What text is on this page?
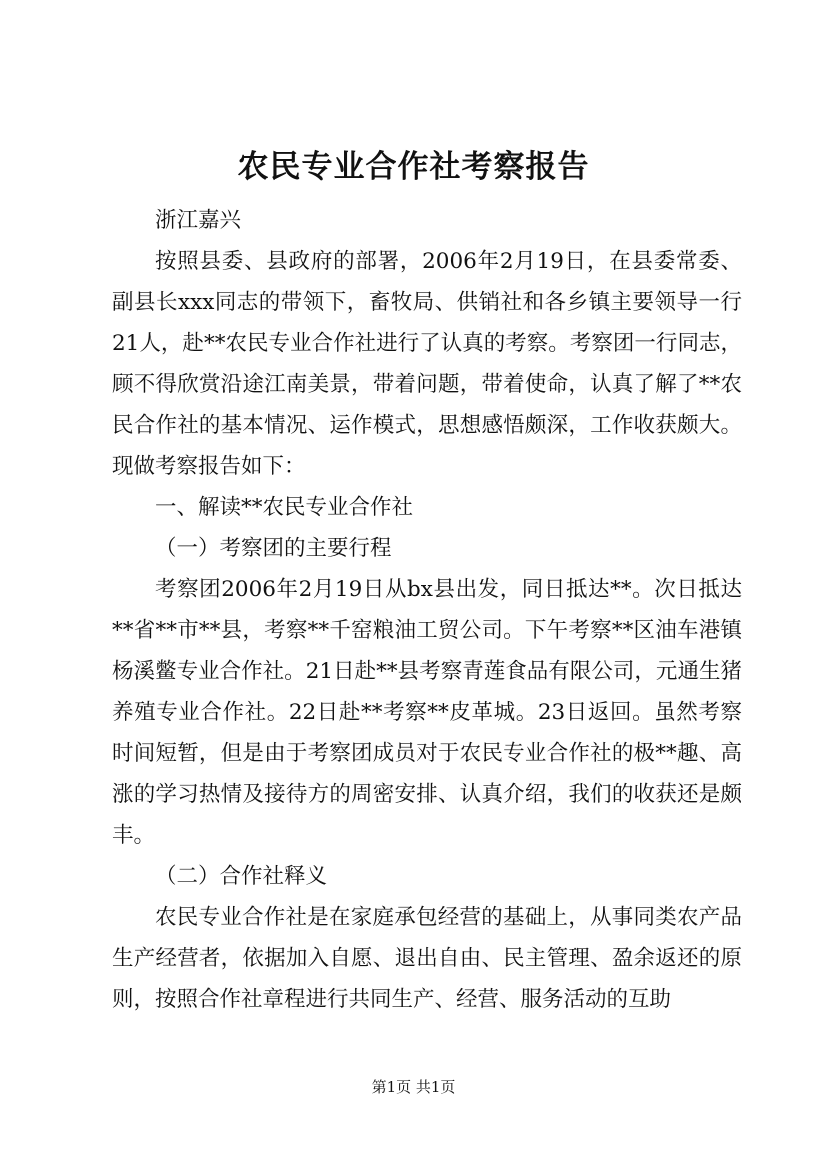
农民专业合作社考察报告

浙江嘉兴

按照县委、县政府的部署，2006年2月19日，在县委常委、副县长xxx同志的带领下，畜牧局、供销社和各乡镇主要领导一行21人，赴**农民专业合作社进行了认真的考察。考察团一行同志，顾不得欣赏沿途江南美景，带着问题，带着使命，认真了解了**农民合作社的基本情况、运作模式，思想感悟颇深，工作收获颇大。现做考察报告如下：

一、解读**农民专业合作社

（一）考察团的主要行程

考察团2006年2月19日从bx县出发，同日抵达**。次日抵达**省**市**县，考察**千窑粮油工贸公司。下午考察**区油车港镇杨溪鳖专业合作社。21日赴**县考察青莲食品有限公司，元通生猪养殖专业合作社。22日赴**考察**皮革城。23日返回。虽然考察时间短暂，但是由于考察团成员对于农民专业合作社的极**趣、高涨的学习热情及接待方的周密安排、认真介绍，我们的收获还是颇丰。

（二）合作社释义

农民专业合作社是在家庭承包经营的基础上，从事同类农产品生产经营者，依据加入自愿、退出自由、民主管理、盈余返还的原则，按照合作社章程进行共同生产、经营、服务活动的互助

第1页 共1页
